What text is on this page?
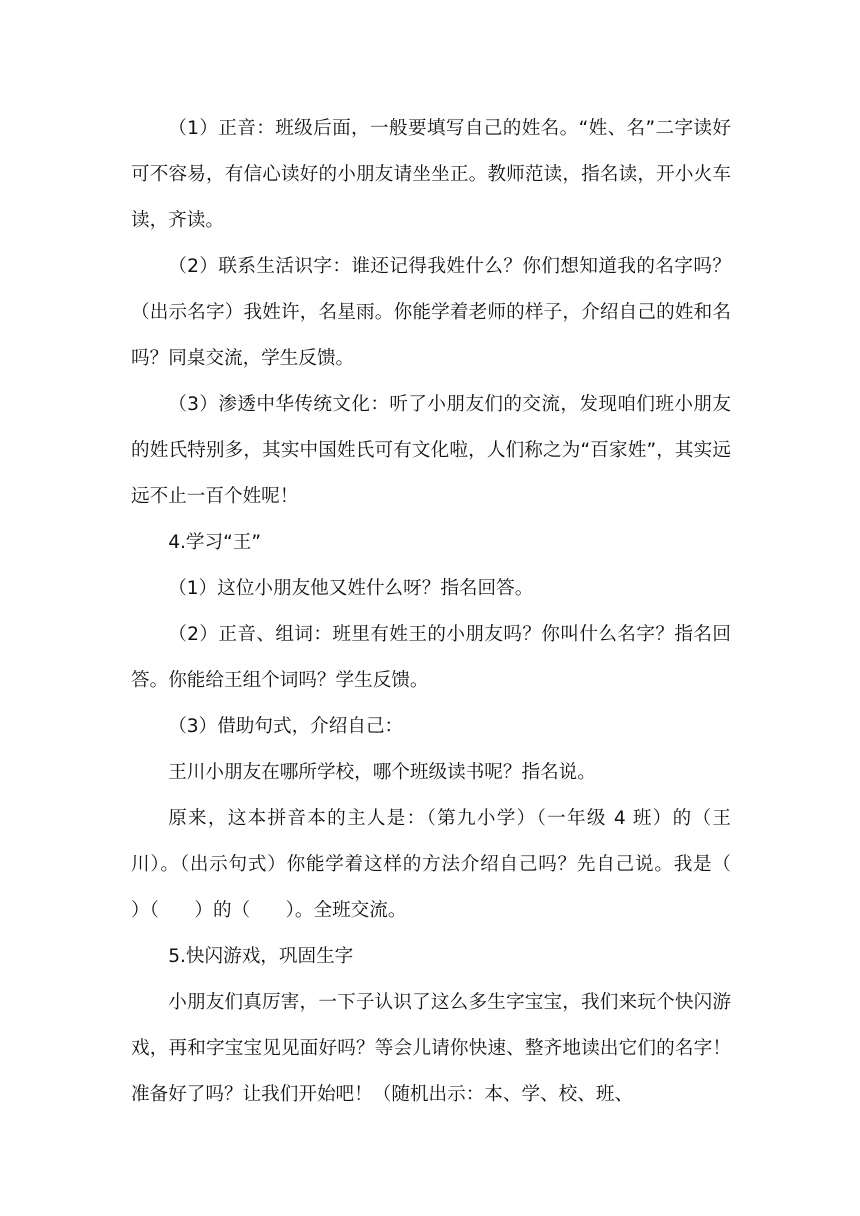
（1）正音：班级后面，一般要填写自己的姓名。“姓、名”二字读好可不容易，有信心读好的小朋友请坐坐正。教师范读，指名读，开小火车读，齐读。

（2）联系生活识字：谁还记得我姓什么？你们想知道我的名字吗？（出示名字）我姓许，名星雨。你能学着老师的样子，介绍自己的姓和名吗？同桌交流，学生反馈。

（3）渗透中华传统文化：听了小朋友们的交流，发现咱们班小朋友的姓氏特别多，其实中国姓氏可有文化啦，人们称之为“百家姓”，其实远远不止一百个姓呢！

4.学习“王”

（1）这位小朋友他又姓什么呀？指名回答。

（2）正音、组词：班里有姓王的小朋友吗？你叫什么名字？指名回答。你能给王组个词吗？学生反馈。

（3）借助句式，介绍自己：

王川小朋友在哪所学校，哪个班级读书呢？指名说。

原来，这本拼音本的主人是：（第九小学）（一年级 4 班）的（王川）。（出示句式）你能学着这样的方法介绍自己吗？先自己说。我是（      ）（      ）的（      ）。全班交流。

5.快闪游戏，巩固生字

小朋友们真厉害，一下子认识了这么多生字宝宝，我们来玩个快闪游戏，再和字宝宝见见面好吗？等会儿请你快速、整齐地读出它们的名字！准备好了吗？让我们开始吧！（随机出示：本、学、校、班、
